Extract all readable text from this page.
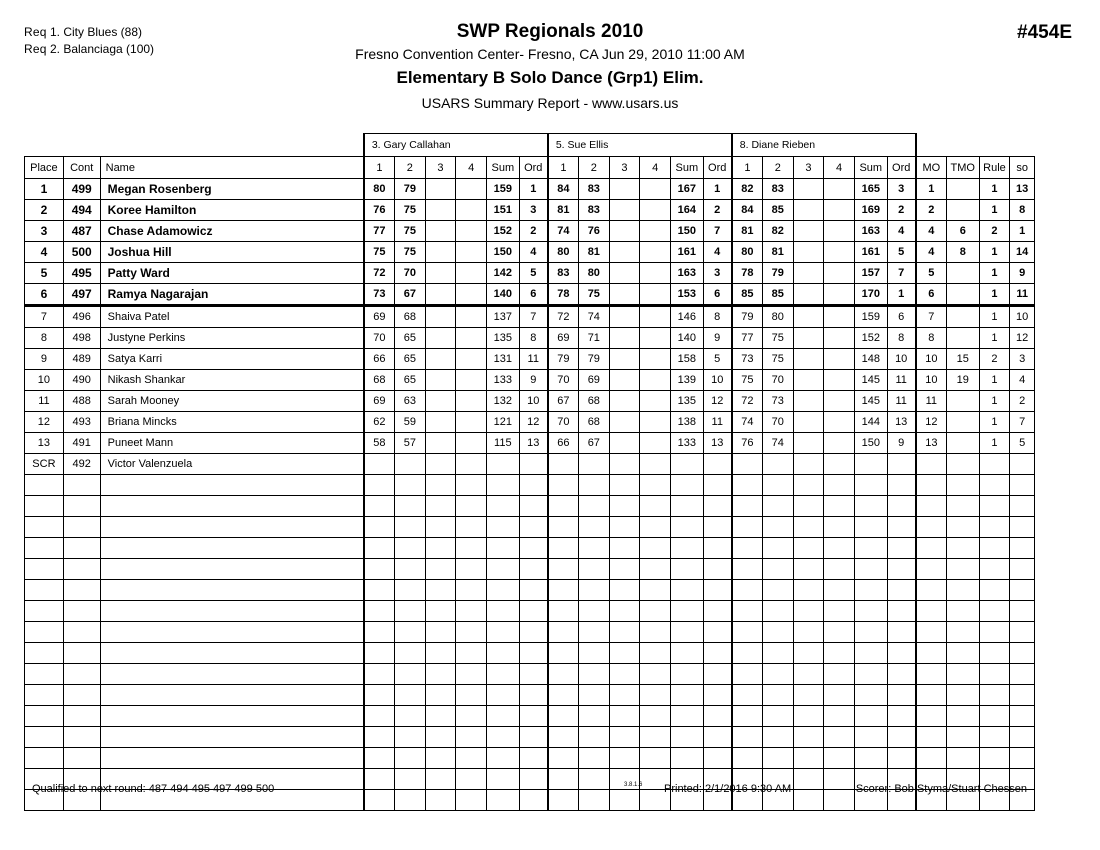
Req 1. City Blues (88)
Req 2. Balanciaga (100)
SWP Regionals 2010
Fresno Convention Center- Fresno, CA Jun 29, 2010 11:00 AM
Elementary B Solo Dance (Grp1) Elim.
USARS Summary Report - www.usars.us
#454E
			3. Gary Callahan						5. Sue Ellis						8. Diane Rieben									
Place	Cont	Name	1	2	3	4	Sum	Ord	1	2	3	4	Sum	Ord	1	2	3	4	Sum	Ord	MO	TMO	Rule	so
1	499	Megan Rosenberg	80	79			159	1	84	83			167	1	82	83			165	3	1		1	13
2	494	Koree Hamilton	76	75			151	3	81	83			164	2	84	85			169	2	2		1	8
3	487	Chase Adamowicz	77	75			152	2	74	76			150	7	81	82			163	4	4	6	2	1
4	500	Joshua Hill	75	75			150	4	80	81			161	4	80	81			161	5	4	8	1	14
5	495	Patty Ward	72	70			142	5	83	80			163	3	78	79			157	7	5		1	9
6	497	Ramya Nagarajan	73	67			140	6	78	75			153	6	85	85			170	1	6		1	11
7	496	Shaiva Patel	69	68			137	7	72	74			146	8	79	80			159	6	7		1	10
8	498	Justyne Perkins	70	65			135	8	69	71			140	9	77	75			152	8	8		1	12
9	489	Satya Karri	66	65			131	11	79	79			158	5	73	75			148	10	10	15	2	3
10	490	Nikash Shankar	68	65			133	9	70	69			139	10	75	70			145	11	10	19	1	4
11	488	Sarah Mooney	69	63			132	10	67	68			135	12	72	73			145	11	11		1	2
12	493	Briana Mincks	62	59			121	12	70	68			138	11	74	70			144	13	12		1	7
13	491	Puneet Mann	58	57			115	13	66	67			133	13	76	74			150	9	13		1	5
SCR	492	Victor Valenzuela																						

Qualified to next round: 487 494 495 497 499 500	3.8.1.6 Printed: 2/1/2016 9:30 AM	Scorer: Bob Styma/Stuart Chessen
